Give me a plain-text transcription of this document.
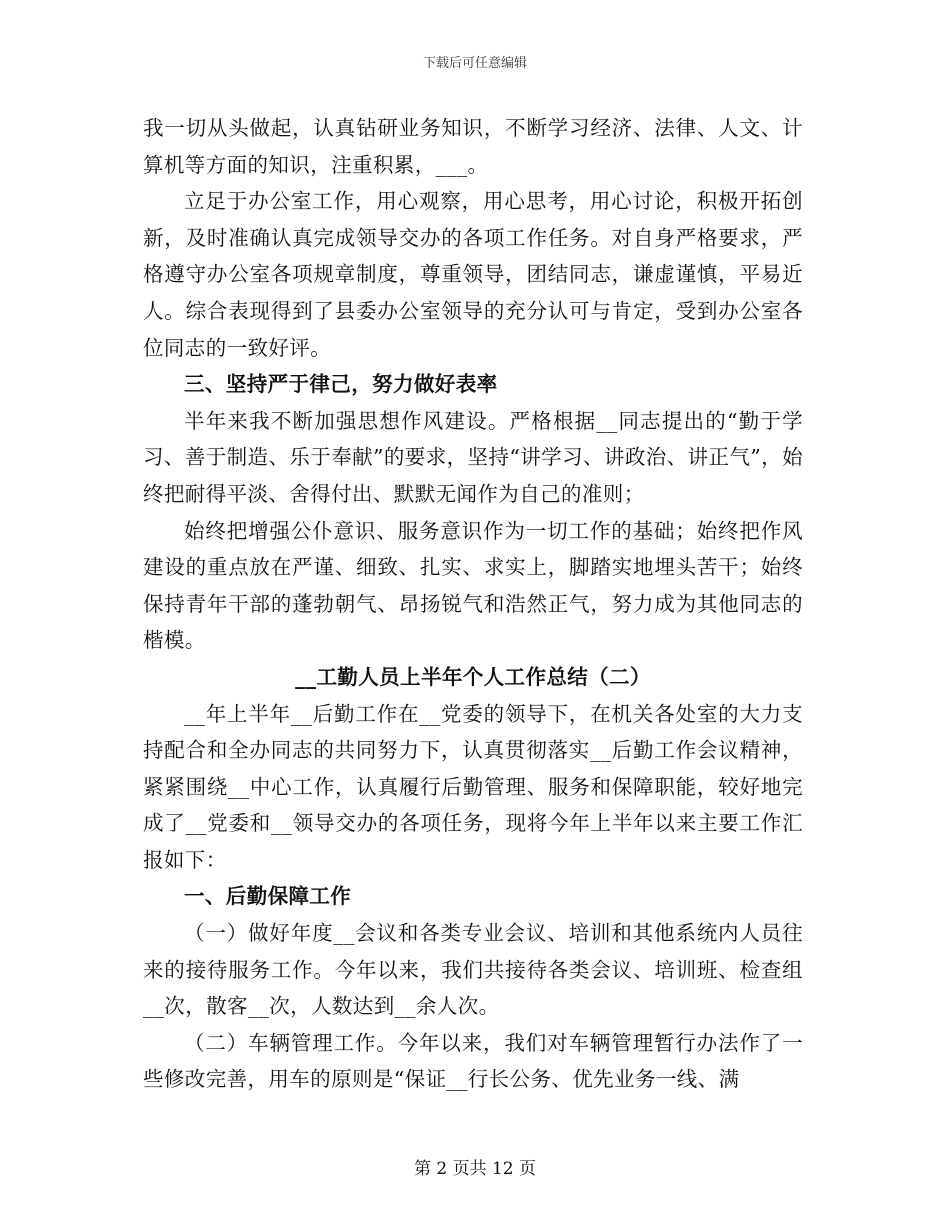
下载后可任意编辑

我一切从头做起，认真钻研业务知识，不断学习经济、法律、人文、计算机等方面的知识，注重积累，___。

立足于办公室工作，用心观察，用心思考，用心讨论，积极开拓创新，及时准确认真完成领导交办的各项工作任务。对自身严格要求，严格遵守办公室各项规章制度，尊重领导，团结同志，谦虚谨慎，平易近人。综合表现得到了县委办公室领导的充分认可与肯定，受到办公室各位同志的一致好评。

三、坚持严于律己，努力做好表率

半年来我不断加强思想作风建设。严格根据__同志提出的“勤于学习、善于制造、乐于奉献”的要求，坚持“讲学习、讲政治、讲正气”，始终把耐得平淡、舍得付出、默默无闻作为自己的准则；

始终把增强公仆意识、服务意识作为一切工作的基础；始终把作风建设的重点放在严谨、细致、扎实、求实上，脚踏实地埋头苦干；始终保持青年干部的蓬勃朝气、昂扬锐气和浩然正气，努力成为其他同志的楷模。

__工勤人员上半年个人工作总结（二）

__年上半年__后勤工作在__党委的领导下，在机关各处室的大力支持配合和全办同志的共同努力下，认真贯彻落实__后勤工作会议精神，紧紧围绕__中心工作，认真履行后勤管理、服务和保障职能，较好地完成了__党委和__领导交办的各项任务，现将今年上半年以来主要工作汇报如下：

一、后勤保障工作

（一）做好年度__会议和各类专业会议、培训和其他系统内人员往来的接待服务工作。今年以来，我们共接待各类会议、培训班、检查组__次，散客__次，人数达到__余人次。

（二）车辆管理工作。今年以来，我们对车辆管理暂行办法作了一些修改完善，用车的原则是“保证__行长公务、优先业务一线、满

第 2 页共 12 页
